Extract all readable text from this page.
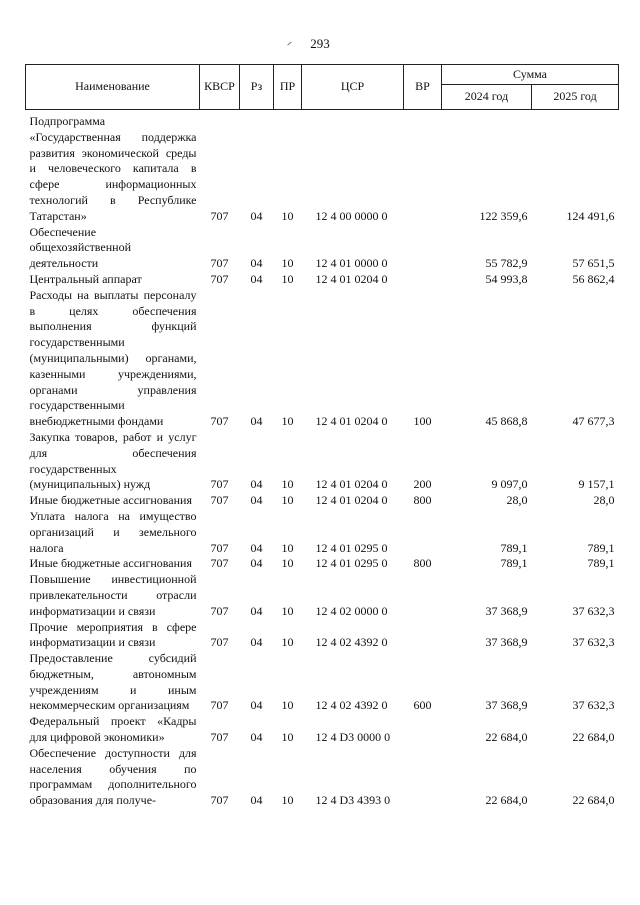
293
Наименование	КВСР	Рз	ПР	ЦСР	ВР	Сумма	
						2024 год	2025 год

Подпрограмма «Государственная поддержка развития экономической среды и человеческого капитала в сфере информационных технологий в Республике Татарстан»	707	04	10	12 4 00 0000 0		122 359,6	124 491,6
Обеспечение общехозяйственной деятельности	707	04	10	12 4 01 0000 0		55 782,9	57 651,5
Центральный аппарат	707	04	10	12 4 01 0204 0		54 993,8	56 862,4
Расходы на выплаты персоналу в целях обеспечения выполнения функций государственными (муниципальными) органами, казенными учреждениями, органами управления государственными внебюджетными фондами	707	04	10	12 4 01 0204 0	100	45 868,8	47 677,3
Закупка товаров, работ и услуг для обеспечения государственных (муниципальных) нужд	707	04	10	12 4 01 0204 0	200	9 097,0	9 157,1
Иные бюджетные ассигнования	707	04	10	12 4 01 0204 0	800	28,0	28,0
Уплата налога на имущество организаций и земельного налога	707	04	10	12 4 01 0295 0		789,1	789,1
Иные бюджетные ассигнования	707	04	10	12 4 01 0295 0	800	789,1	789,1
Повышение инвестиционной привлекательности отрасли информатизации и связи	707	04	10	12 4 02 0000 0		37 368,9	37 632,3
Прочие мероприятия в сфере информатизации и связи	707	04	10	12 4 02 4392 0		37 368,9	37 632,3
Предоставление субсидий бюджетным, автономным учреждениям и иным некоммерческим организациям	707	04	10	12 4 02 4392 0	600	37 368,9	37 632,3
Федеральный проект «Кадры для цифровой экономики»	707	04	10	12 4 D3 0000 0		22 684,0	22 684,0
Обеспечение доступности для населения обучения по программам дополнительного образования для получе-	707	04	10	12 4 D3 4393 0		22 684,0	22 684,0
